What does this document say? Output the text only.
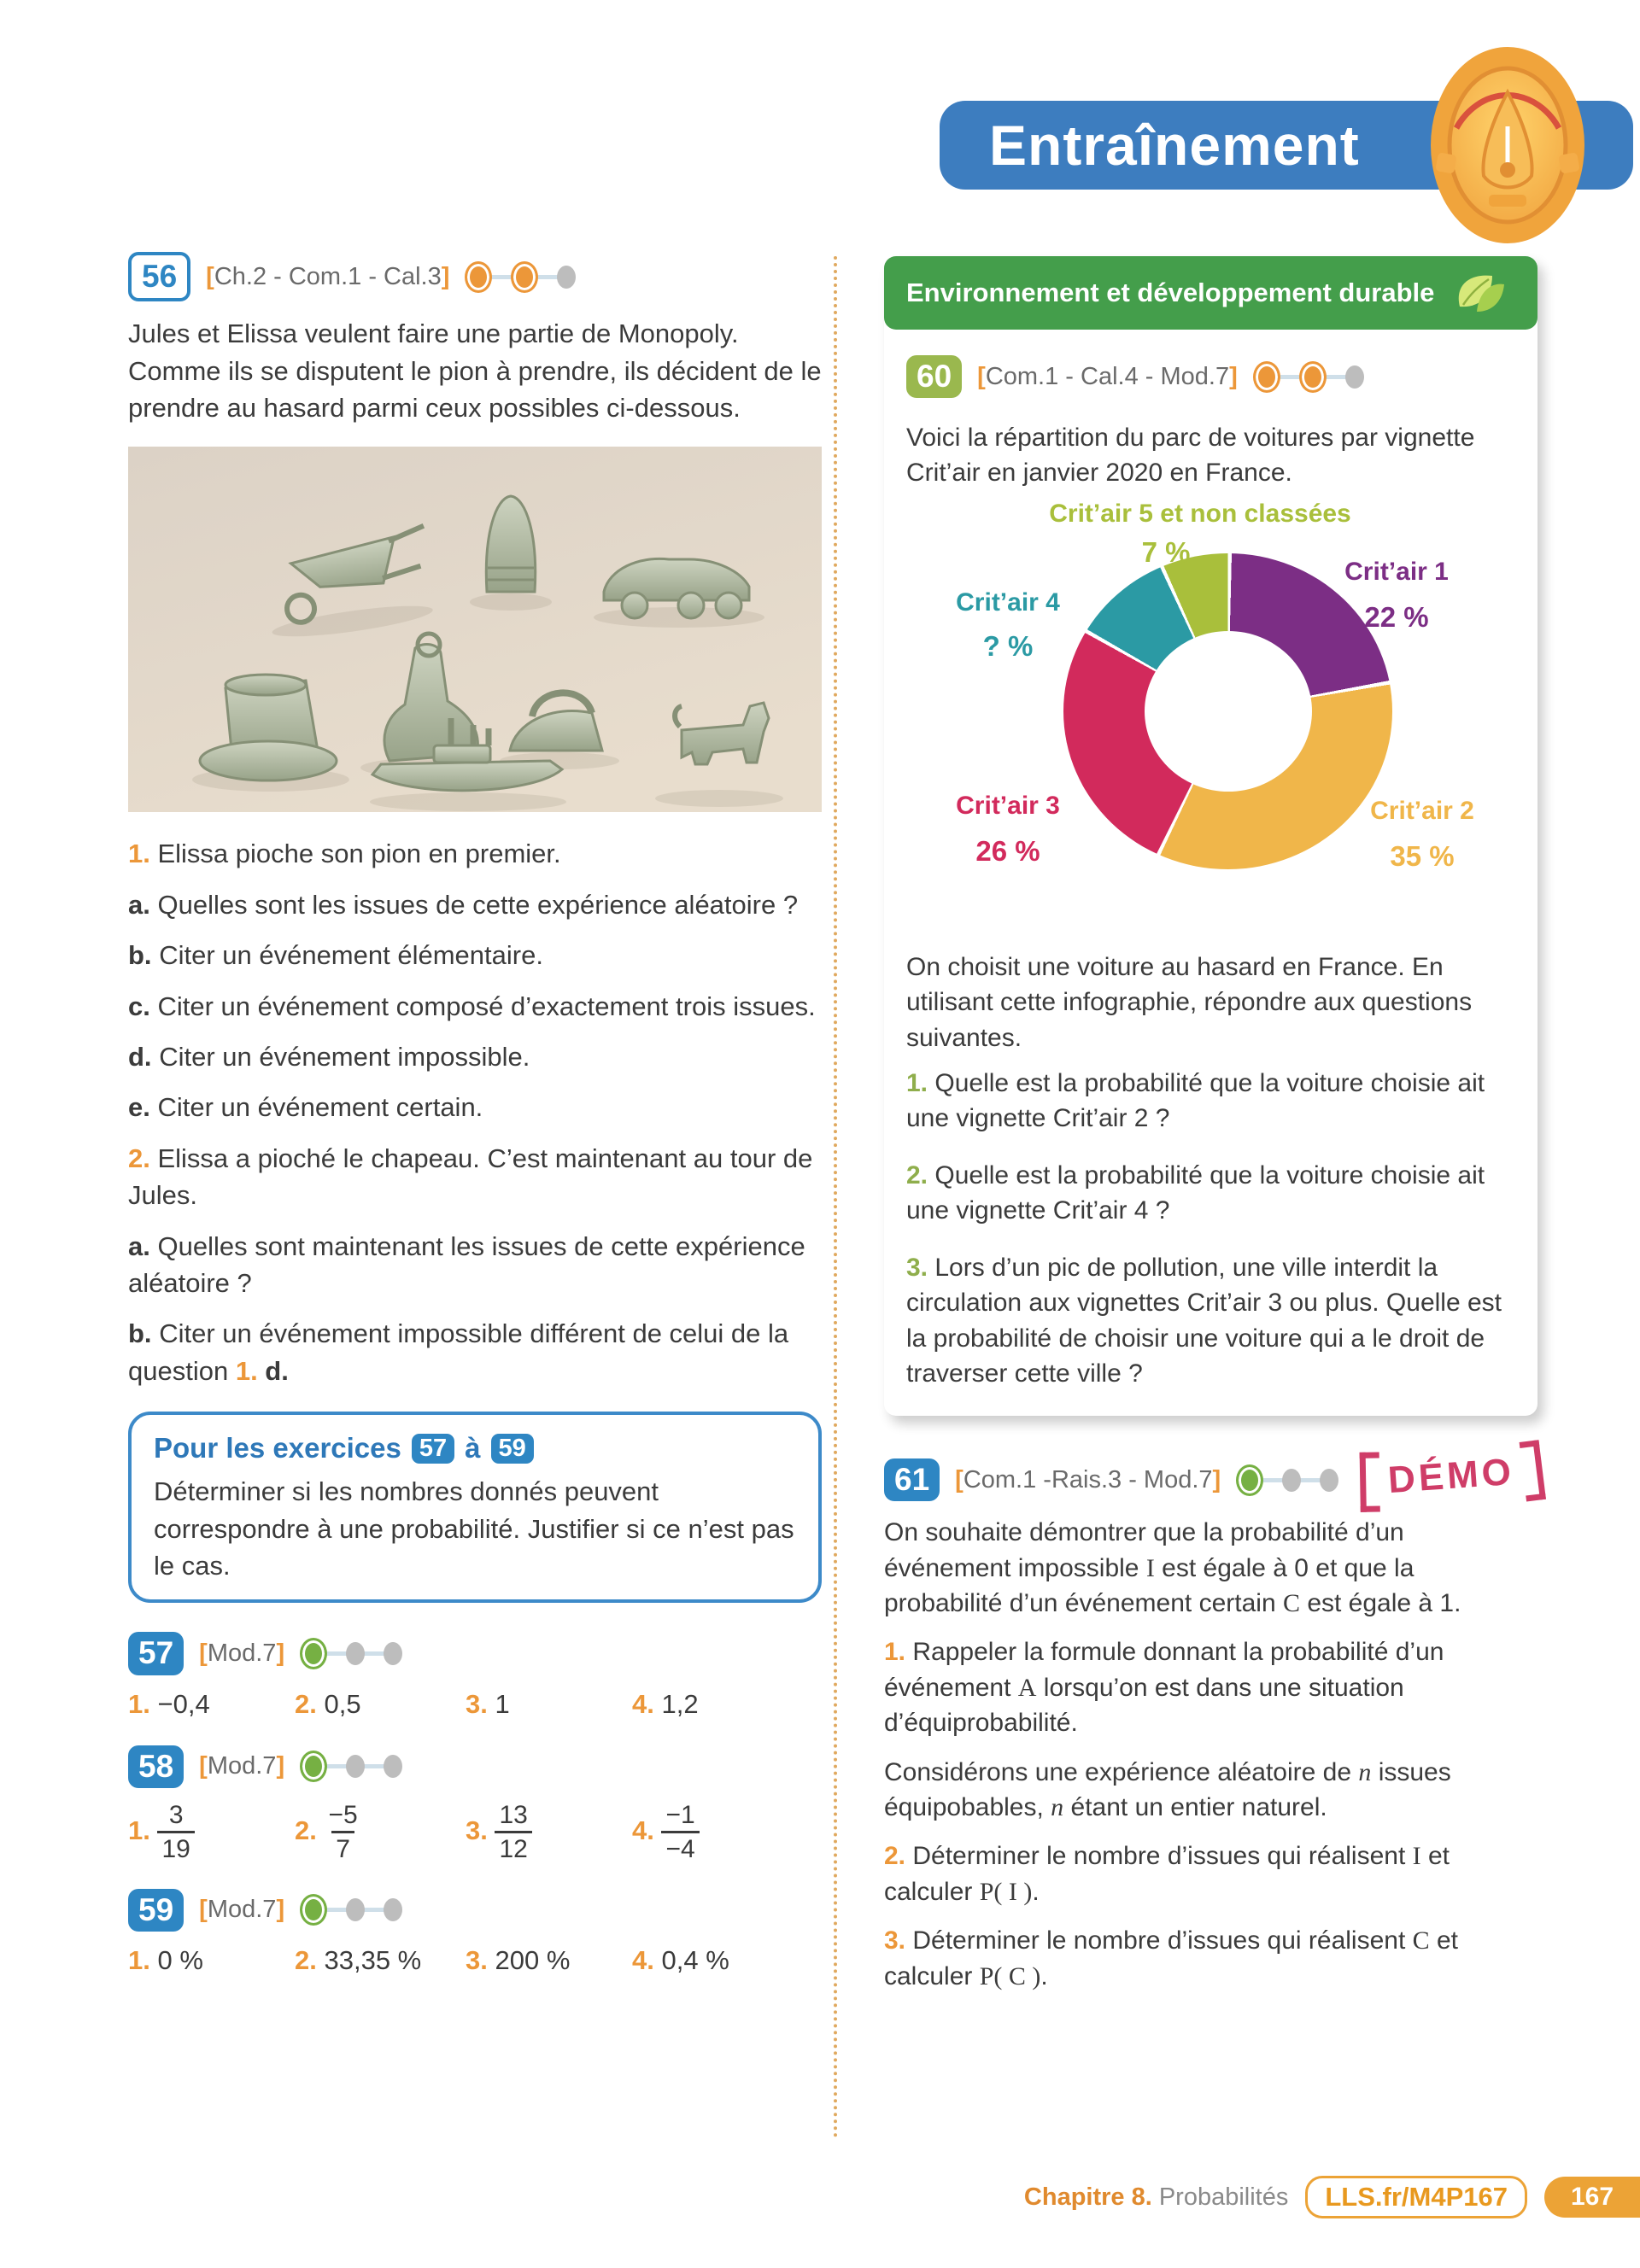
Entraînement
56	[Ch.2 - Com.1 - Cal.3]

Jules et Elissa veulent faire une partie de Monopoly. Comme ils se disputent le pion à prendre, ils décident de le prendre au hasard parmi ceux possibles ci-dessous.

1. Elissa pioche son pion en premier.

a. Quelles sont les issues de cette expérience aléatoire ?

b. Citer un événement élémentaire.

c. Citer un événement composé d’exactement trois issues.

d. Citer un événement impossible.

e. Citer un événement certain.

2. Elissa a pioché le chapeau. C’est maintenant au tour de Jules.

a. Quelles sont maintenant les issues de cette expérience aléatoire ?

b. Citer un événement impossible différent de celui de la question 1. d.

Pour les exercices 57 à 59

Déterminer si les nombres donnés peuvent correspondre à une probabilité. Justifier si ce n’est pas le cas.

57	[Mod.7]
1. −0,4	2. 0,5	3. 1	4. 1,2
58	[Mod.7]
1. $\frac{3}{19}$	2. $\frac{-5}{7}$	3. $\frac{13}{12}$	4. $\frac{-1}{-4}$
59	[Mod.7]
1. 0 %	2. 33,35 %	3. 200 %	4. 0,4 %
Environnement et développement durable
60	[Com.1 - Cal.4 - Mod.7]

Voici la répartition du parc de voitures par vignette Crit’air en janvier 2020 en France.

Crit’air 5 et non classées
7 %
Crit’air 4
? %
Crit’air 1
22 %
Crit’air 3
26 %
Crit’air 2
35 %

On choisit une voiture au hasard en France. En utilisant cette infographie, répondre aux questions suivantes.

1. Quelle est la probabilité que la voiture choisie ait une vignette Crit’air 2 ?

2. Quelle est la probabilité que la voiture choisie ait une vignette Crit’air 4 ?

3. Lors d’un pic de pollution, une ville interdit la circulation aux vignettes Crit’air 3 ou plus. Quelle est la probabilité de choisir une voiture qui a le droit de traverser cette ville ?

61	[Com.1 -Rais.3 - Mod.7]	DÉMO

On souhaite démontrer que la probabilité d’un événement impossible I est égale à 0 et que la probabilité d’un événement certain C est égale à 1.

1. Rappeler la formule donnant la probabilité d’un événement A lorsqu’on est dans une situation d’équiprobabilité.

Considérons une expérience aléatoire de n issues équipobables, n étant un entier naturel.

2. Déterminer le nombre d’issues qui réalisent I et calculer P( I ).

3. Déterminer le nombre d’issues qui réalisent C et calculer P( C ).

Chapitre 8. Probabilités	LLS.fr/M4P167	167
